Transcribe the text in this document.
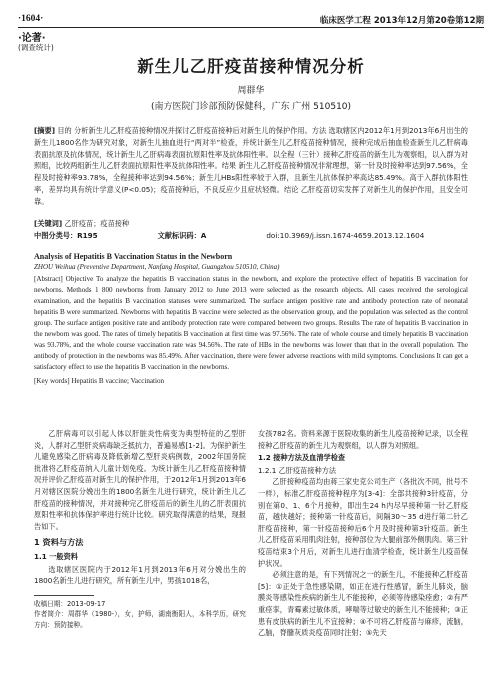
·1604·	临床医学工程 2013年12月第20卷第12期
·论著·
(调查统计)
新生儿乙肝疫苗接种情况分析
周群华
(南方医院门诊部预防保健科，广东 广州 510510)
[摘要] 目的 分析新生儿乙肝疫苗接种情况并探讨乙肝疫苗接种后对新生儿的保护作用。方法 选取辖区内2012年1月到2013年6月出生的新生儿1800名作为研究对象，对新生儿抽血进行“两对半”检查，并统计新生儿乙肝疫苗接种情况，接种完成后抽血检查新生儿乙肝病毒表面抗原及抗体情况，统计新生儿乙肝病毒表面抗原阳性率及抗体阳性率。以全程（三针）接种乙肝疫苗的新生儿为观察组，以入群为对照组，比较两组新生儿乙肝表面抗原阳性率及抗体阳性率。结果 新生儿乙肝疫苗接种情况非常理想，第一针及时接种率达到97.56%，全程及时接种率93.78%，全程接种率达到94.56%；新生儿HBs阳性率较于入群，且新生儿抗体保护率高达85.49%。高于入群抗体阳性率，差异均具有统计学意义(P<0.05)；疫苗接种后，不良反应少且症状轻微。结论 乙肝疫苗切实发挥了对新生儿的保护作用，且安全可靠。
[关键词] 乙肝疫苗；疫苗接种
中图分类号：R195	文献标识码：A	doi:10.3969/j.issn.1674-4659.2013.12.1604

Analysis of Hepatitis B Vaccination Status in the Newborn

ZHOU Weihua (Preventive Department, Nanfang Hospital, Guangzhou 510510, China)

[Abstract] Objective To analyze the hepatitis B vaccination status in the newborn, and explore the protective effect of hepatitis B vaccination for newborns. Methods 1 800 newborns from January 2012 to June 2013 were selected as the research objects. All cases received the serological examination, and the hepatitis B vaccination statuses were summarized. The surface antigen positive rate and antibody protection rate of neonatal hepatitis B were summarized. Newborns with hepatitis B vaccine were selected as the observation group, and the population was selected as the control group. The surface antigen positive rate and antibody protection rate were compared between two groups. Results The rate of hepatitis B vaccination in the newborn was good. The rates of timely hepatitis B vaccination at first time was 97.56%. The rate of whole course and timely hepatitis B vaccination was 93.78%, and the whole course vaccination rate was 94.56%. The rate of HBs in the newborns was lower than that in the overall population. The antibody of protection in the newborns was 85.49%. After vaccination, there were fewer adverse reactions with mild symptoms. Conclusions It can get a satisfactory effect to use the hepatitis B vaccination in the newborns.

[Key words] Hepatitis B vaccine; Vaccination

乙肝病毒可以引起人体以肝脏炎性病变为典型特征的乙型肝炎，人群对乙型肝炎病毒缺乏抵抗力，普遍易感[1-2]。为保护新生儿避免感染乙肝病毒及降低新增乙型肝炎病例数，2002年国务院批准将乙肝疫苗纳入儿童计划免疫。为统计新生儿乙肝疫苗接种情况并评价乙肝疫苗对新生儿的保护作用，于2012年1月到2013年6月对辖区医院分娩出生的1800名新生儿进行研究，统计新生儿乙肝疫苗的接种情况，并对接种完乙肝疫苗后的新生儿的乙肝表面抗原阳性率和抗体保护率进行统计比较。研究取得满意的结果，现报告如下。

1 资料与方法
1.1 一般资料

选取辖区医院内于2012年1月到2013年6月对分娩出生的1800名新生儿进行研究，所有新生儿中，男孩1018名，

收稿日期：2013-09-17
作者简介：周群华（1980-），女，护师，湖南衡阳人，本科学历，研究方向：预防接种。

女孩782名。资料来源于医院收集的新生儿疫苗接种记录，以全程接种乙肝疫苗的新生儿为观察组，以人群为对照组。

1.2 接种方法及血清学检查
1.2.1 乙肝疫苗接种方法

乙肝接种疫苗均由蒋三家史克公司生产（各批次不同，批号不一样），标准乙肝疫苗接种程序为[3-4]：全部共接种3针疫苗，分别在第0、1、6个月接种，即出生24 h内尽早接种第一针乙肝疫苗，越快越好；接种第一针疫苗后，间隔30～35 d进行第二针乙肝疫苗接种，第一针疫苗接种后6个月及时接种第3针疫苗。新生儿乙肝疫苗采用肌肉注射，接种部位为大腿前部外侧肌肉。第三针疫苗结束3个月后，对新生儿进行血清学检查，统计新生儿疫苗保护状况。

必须注意的是，有下列情况之一的新生儿，不能接种乙肝疫苗[5]：①正处于急性感染期，如正在进行性感冒，新生儿肺炎，脑膜炎等感染性疾病的新生儿不能接种，必须等待感染痊愈；②有严重痉挛，青霉素过敏体质，哮喘等过敏史的新生儿不能接种；③正患有皮肤病的新生儿不宜接种；④不可将乙肝疫苗与麻疹，流脑，乙脑，脊髓灰质炎疫苗同时注射；⑤先天
